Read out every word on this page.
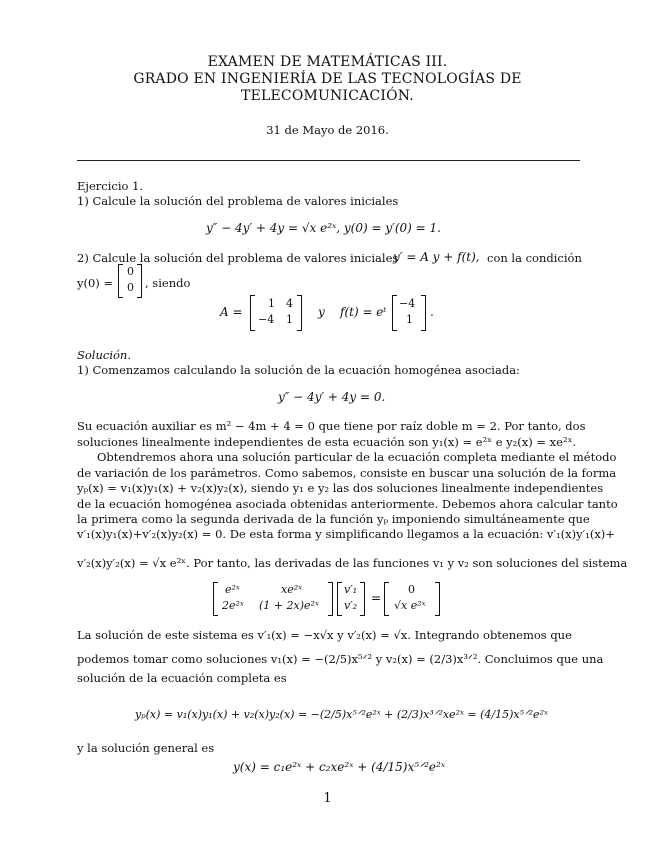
EXAMEN DE MATEMÁTICAS III.
GRADO EN INGENIERÍA DE LAS TECNOLOGÍAS DE
TELECOMUNICACIÓN.
31 de Mayo de 2016.
Ejercicio 1.
1) Calcule la solución del problema de valores iniciales
y″ − 4y′ + 4y = √x e²ˣ, y(0) = y′(0) = 1.
2) Calcule la solución del problema de valores iniciales
y′ = A y + f(t), con la condición
y(0) =
0
0 , siendo
A =
1 4
−4 1
y f(t) = eᵗ
−4
1
.
Solución.
1) Comenzamos calculando la solución de la ecuación homogénea asociada:
y″ − 4y′ + 4y = 0.
Su ecuación auxiliar es m² − 4m + 4 = 0 que tiene por raíz doble m = 2. Por tanto, dos
soluciones linealmente independientes de esta ecuación son y₁(x) = e²ˣ e y₂(x) = xe²ˣ.
Obtendremos ahora una solución particular de la ecuación completa mediante el método
de variación de los parámetros. Como sabemos, consiste en buscar una solución de la forma
yₚ(x) = v₁(x)y₁(x) + v₂(x)y₂(x), siendo y₁ e y₂ las dos soluciones linealmente independientes
de la ecuación homogénea asociada obtenidas anteriormente. Debemos ahora calcular tanto
la primera como la segunda derivada de la función yₚ imponiendo simultáneamente que
v′₁(x)y₁(x)+v′₂(x)y₂(x) = 0. De esta forma y simplificando llegamos a la ecuación: v′₁(x)y′₁(x)+
v′₂(x)y′₂(x) = √x e²ˣ. Por tanto, las derivadas de las funciones v₁ y v₂ son soluciones del sistema
e²ˣ	xe²ˣ
2e²ˣ (1 + 2x)e²ˣ
v′₁
v′₂
=
0
√x e²ˣ
La solución de este sistema es v′₁(x) = −x√x y v′₂(x) = √x. Integrando obtenemos que
podemos tomar como soluciones v₁(x) = −(2/5)x⁵ᐟ² y v₂(x) = (2/3)x³ᐟ². Concluimos que una
solución de la ecuación completa es
yₚ(x) = v₁(x)y₁(x) + v₂(x)y₂(x) = −(2/5)x⁵ᐟ²e²ˣ + (2/3)x³ᐟ²xe²ˣ = (4/15)x⁵ᐟ²e²ˣ
y la solución general es
y(x) = c₁e²ˣ + c₂xe²ˣ + (4/15)x⁵ᐟ²e²ˣ
1
